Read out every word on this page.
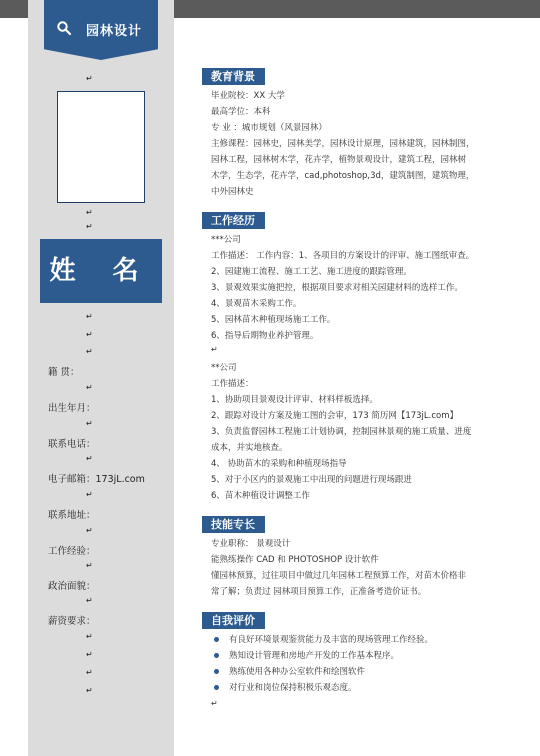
园林设计
↵
↵
↵
姓 名
↵
↵
↵
籍 贯：
↵
出生年月：
↵
联系电话：
↵
电子邮箱：173jL.com
↵
联系地址：
↵
工作经验：
↵
政治面貌：
↵
薪资要求：
↵
↵
↵
↵
教育背景
毕业院校：XX 大学
最高学位：本科
专 业 ：城市规划（风景园林）
主修课程：园林史，园林美学，园林设计原理，园林建筑，园林制图，
园林工程，园林树木学，花卉学，植物景观设计，建筑工程，园林树
木学，生态学，花卉学，cad,photoshop,3d，建筑制图，建筑物理，
中外园林史
工作经历
***公司
工作描述： 工作内容：1、各项目的方案设计的评审、施工图纸审查。
2、园建施工流程、施工工艺、施工进度的跟踪管理。
3、景观效果实施把控，根据项目要求对相关园建材料的选样工作。
4、景观苗木采购工作。
5、园林苗木种植现场施工工作。
6、指导后期物业养护管理。
↵
**公司
工作描述：
1、协助项目景观设计评审、材料样板选择。
2、跟踪对设计方案及施工图的会审，173 简历网【173jL.com】
3、负责监督园林工程施工计划协调，控制园林景观的施工质量、进度
成本，并实地核查。
4、 协助苗木的采购和种植现场指导
5、对于小区内的景观施工中出现的问题进行现场跟进
6、苗木种植设计调整工作
技能专长
专业职称： 景观设计
能熟练操作 CAD 和 PHOTOSHOP 设计软件
懂园林预算，过往项目中做过几年园林工程预算工作，对苗木价格非
常了解；负责过 园林项目预算工作，正准备考造价证书。
自我评价
有良好环境景观鉴赏能力及丰富的现场管理工作经验。
熟知设计管理和房地产开发的工作基本程序。
熟练使用各种办公室软件和绘图软件
对行业和岗位保持积极乐观态度。
↵
